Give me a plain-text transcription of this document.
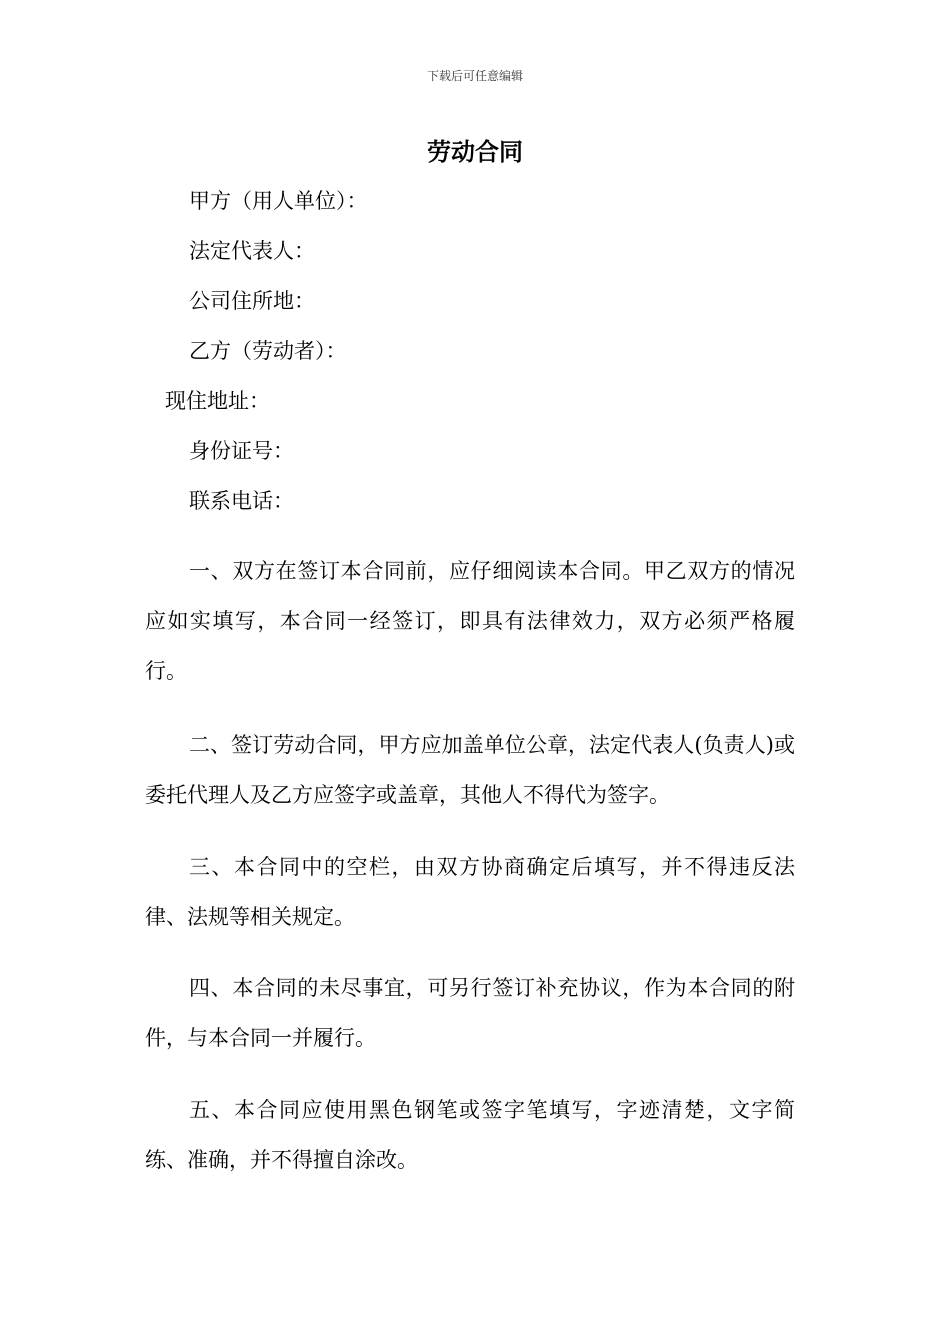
下载后可任意编辑
劳动合同
甲方（用人单位）：
法定代表人：
公司住所地：
乙方（劳动者）：
现住地址：
身份证号：
联系电话：

一、双方在签订本合同前，应仔细阅读本合同。甲乙双方的情况应如实填写，本合同一经签订，即具有法律效力，双方必须严格履行。

二、签订劳动合同，甲方应加盖单位公章，法定代表人(负责人)或委托代理人及乙方应签字或盖章，其他人不得代为签字。

三、本合同中的空栏，由双方协商确定后填写，并不得违反法律、法规等相关规定。

四、本合同的未尽事宜，可另行签订补充协议，作为本合同的附件，与本合同一并履行。

五、本合同应使用黑色钢笔或签字笔填写，字迹清楚，文字简练、准确，并不得擅自涂改。
